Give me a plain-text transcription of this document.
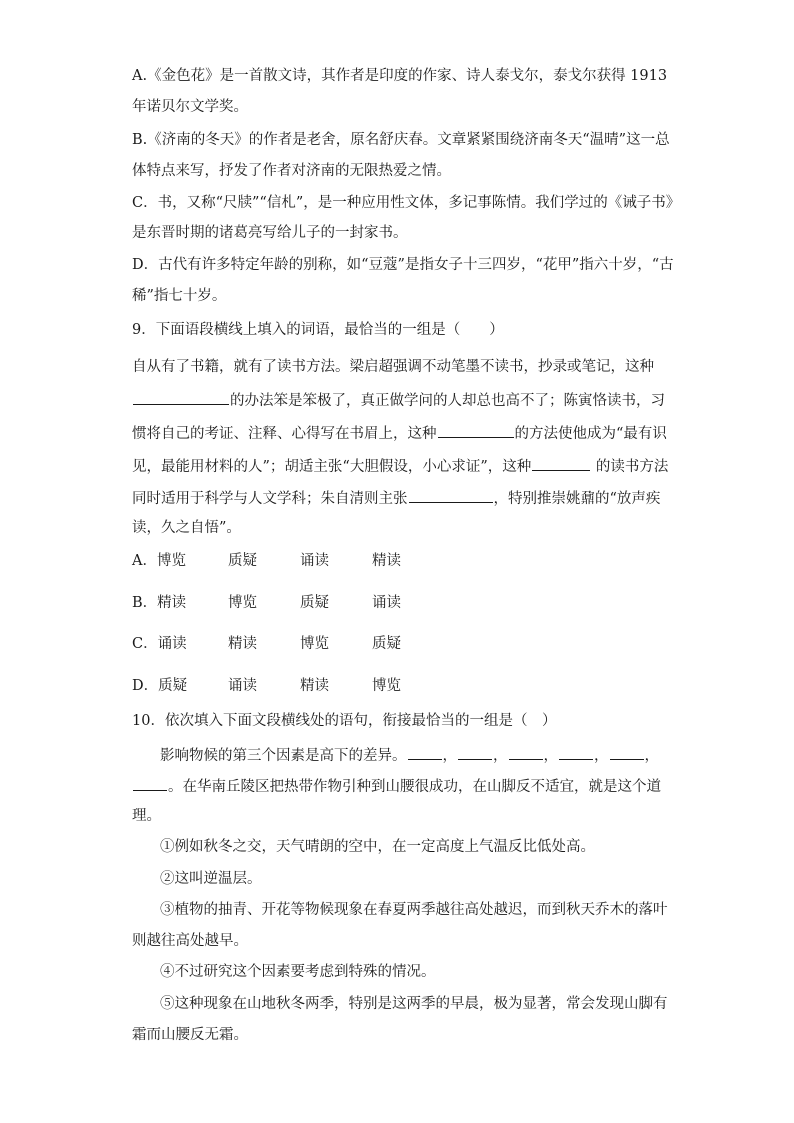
A.《金色花》是一首散文诗，其作者是印度的作家、诗人泰戈尔，泰戈尔获得 1913
年诺贝尔文学奖。
B.《济南的冬天》的作者是老舍，原名舒庆春。文章紧紧围绕济南冬天“温晴”这一总
体特点来写，抒发了作者对济南的无限热爱之情。
C．书，又称“尺牍”“信札”，是一种应用性文体，多记事陈情。我们学过的《诫子书》
是东晋时期的诸葛亮写给儿子的一封家书。
D．古代有许多特定年龄的别称，如“豆蔻”是指女子十三四岁，“花甲”指六十岁，“古
稀”指七十岁。
9．下面语段横线上填入的词语，最恰当的一组是（　　）
自从有了书籍，就有了读书方法。梁启超强调不动笔墨不读书，抄录或笔记，这种
的办法笨是笨极了，真正做学问的人却总也高不了；陈寅恪读书，习
惯将自己的考证、注释、心得写在书眉上，这种	的方法使他成为“最有识
见，最能用材料的人”；胡适主张“大胆假设，小心求证”，这种	的读书方法
同时适用于科学与人文学科；朱自清则主张	，特别推崇姚鼐的“放声疾
读，久之自悟”。
A．博览	质疑	诵读	精读
B．精读	博览	质疑	诵读
C．诵读	精读	博览	质疑
D．质疑	诵读	精读	博览
10．依次填入下面文段横线处的语句，衔接最恰当的一组是（　）
影响物候的第三个因素是高下的差异。 ， ， ， ， ，
。在华南丘陵区把热带作物引种到山腰很成功，在山脚反不适宜，就是这个道
理。
①例如秋冬之交，天气晴朗的空中，在一定高度上气温反比低处高。
②这叫逆温层。
③植物的抽青、开花等物候现象在春夏两季越往高处越迟，而到秋天乔木的落叶
则越往高处越早。
④不过研究这个因素要考虑到特殊的情况。
⑤这种现象在山地秋冬两季，特别是这两季的早晨，极为显著，常会发现山脚有
霜而山腰反无霜。
